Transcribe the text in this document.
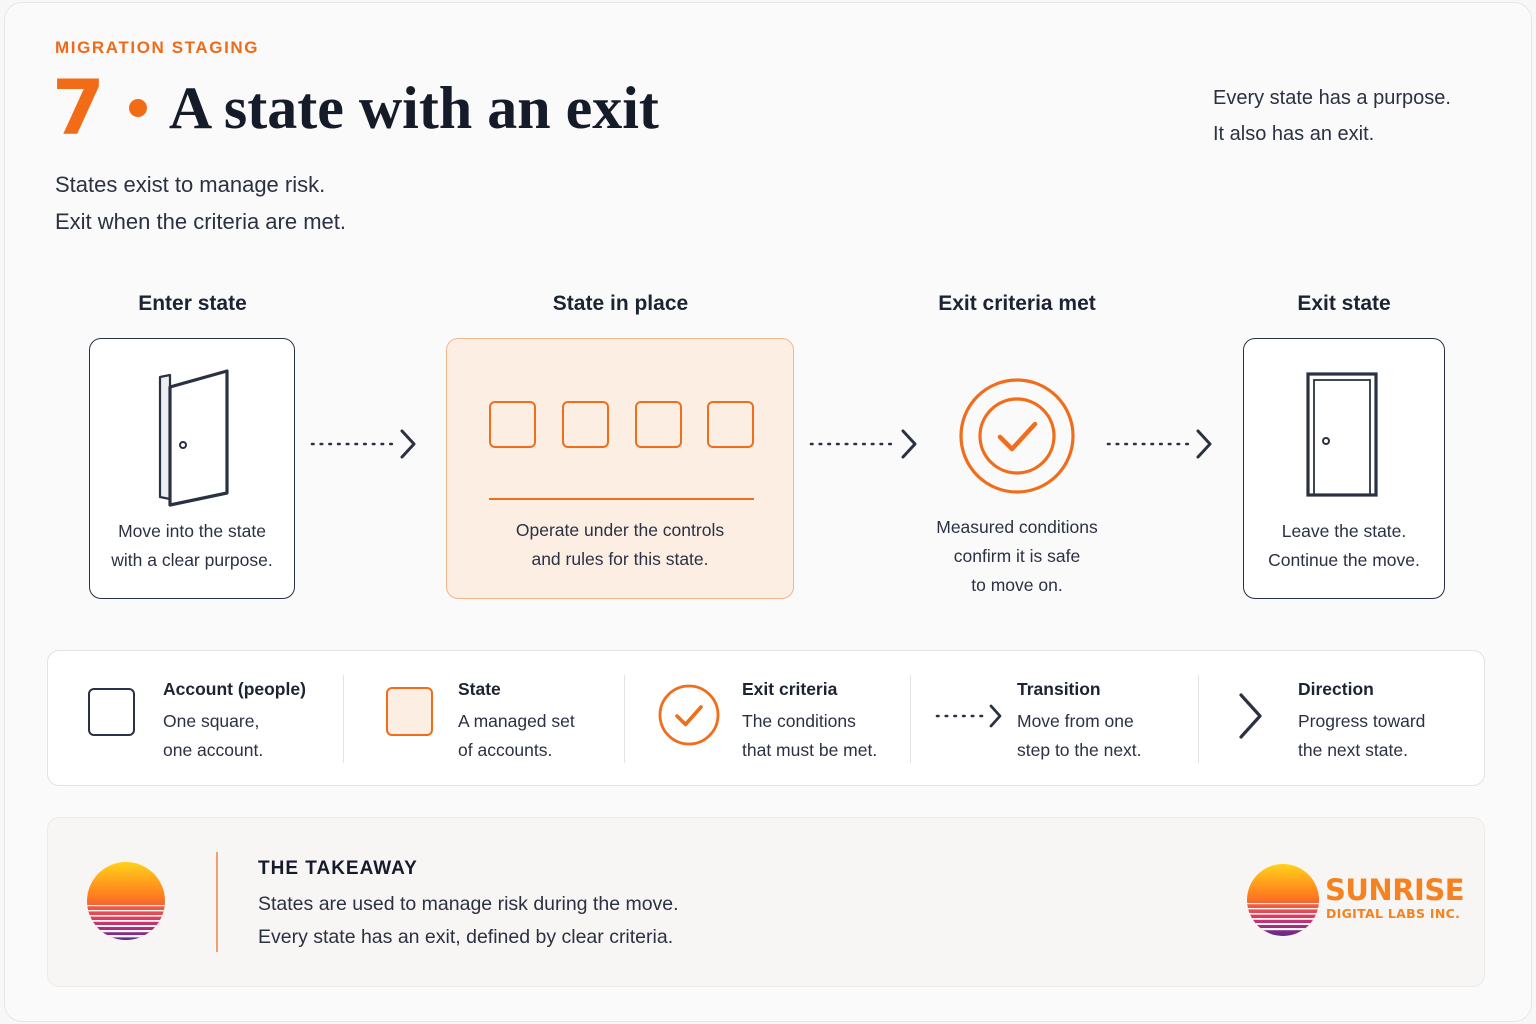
MIGRATION STAGING
7 A state with an exit
States exist to manage risk.
Exit when the criteria are met.
Every state has a purpose.
It also has an exit.
Enter state
Move into the state
with a clear purpose.
State in place
Operate under the controls
and rules for this state.
Exit criteria met
Measured conditions
confirm it is safe
to move on.
Exit state
Leave the state.
Continue the move.
Account (people)
One square,
one account.
State
A managed set
of accounts.
Exit criteria
The conditions
that must be met.
Transition
Move from one
step to the next.
Direction
Progress toward
the next state.
THE TAKEAWAY
States are used to manage risk during the move.
Every state has an exit, defined by clear criteria.
SUNRISE
DIGITAL LABS INC.
